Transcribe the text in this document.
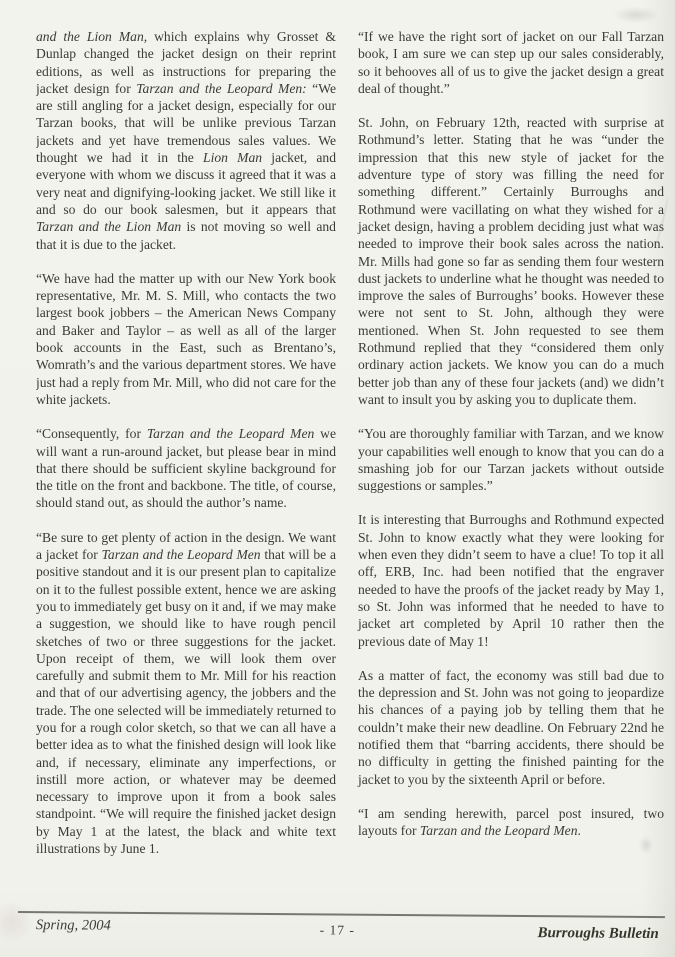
and the Lion Man, which explains why Grosset & Dunlap changed the jacket design on their reprint editions, as well as instructions for preparing the jacket design for Tarzan and the Leopard Men: “We are still angling for a jacket design, especially for our Tarzan books, that will be unlike previous Tarzan jackets and yet have tremendous sales values. We thought we had it in the Lion Man jacket, and everyone with whom we discuss it agreed that it was a very neat and dignifying-looking jacket. We still like it and so do our book salesmen, but it appears that Tarzan and the Lion Man is not moving so well and that it is due to the jacket.

“We have had the matter up with our New York book representative, Mr. M. S. Mill, who contacts the two largest book jobbers – the American News Company and Baker and Taylor – as well as all of the larger book accounts in the East, such as Brentano’s, Womrath’s and the various department stores. We have just had a reply from Mr. Mill, who did not care for the white jackets.

“Consequently, for Tarzan and the Leopard Men we will want a run-around jacket, but please bear in mind that there should be sufficient skyline background for the title on the front and backbone. The title, of course, should stand out, as should the author’s name.

“Be sure to get plenty of action in the design. We want a jacket for Tarzan and the Leopard Men that will be a positive standout and it is our present plan to capitalize on it to the fullest possible extent, hence we are asking you to immediately get busy on it and, if we may make a suggestion, we should like to have rough pencil sketches of two or three suggestions for the jacket. Upon receipt of them, we will look them over carefully and submit them to Mr. Mill for his reaction and that of our advertising agency, the jobbers and the trade. The one selected will be immediately returned to you for a rough color sketch, so that we can all have a better idea as to what the finished design will look like and, if necessary, eliminate any imperfections, or instill more action, or whatever may be deemed necessary to improve upon it from a book sales standpoint. “We will require the finished jacket design by May 1 at the latest, the black and white text illustrations by June 1.

“If we have the right sort of jacket on our Fall Tarzan book, I am sure we can step up our sales considerably, so it behooves all of us to give the jacket design a great deal of thought.”

St. John, on February 12th, reacted with surprise at Rothmund’s letter. Stating that he was “under the impression that this new style of jacket for the adventure type of story was filling the need for something different.” Certainly Burroughs and Rothmund were vacillating on what they wished for a jacket design, having a problem deciding just what was needed to improve their book sales across the nation. Mr. Mills had gone so far as sending them four western dust jackets to underline what he thought was needed to improve the sales of Burroughs’ books. However these were not sent to St. John, although they were mentioned. When St. John requested to see them Rothmund replied that they “considered them only ordinary action jackets. We know you can do a much better job than any of these four jackets (and) we didn’t want to insult you by asking you to duplicate them.

“You are thoroughly familiar with Tarzan, and we know your capabilities well enough to know that you can do a smashing job for our Tarzan jackets without outside suggestions or samples.”

It is interesting that Burroughs and Rothmund expected St. John to know exactly what they were looking for when even they didn’t seem to have a clue! To top it all off, ERB, Inc. had been notified that the engraver needed to have the proofs of the jacket ready by May 1, so St. John was informed that he needed to have to jacket art completed by April 10 rather then the previous date of May 1!

As a matter of fact, the economy was still bad due to the depression and St. John was not going to jeopardize his chances of a paying job by telling them that he couldn’t make their new deadline. On February 22nd he notified them that “barring accidents, there should be no difficulty in getting the finished painting for the jacket to you by the sixteenth April or before.

“I am sending herewith, parcel post insured, two layouts for Tarzan and the Leopard Men.

Spring, 2004	- 17 -	Burroughs Bulletin
